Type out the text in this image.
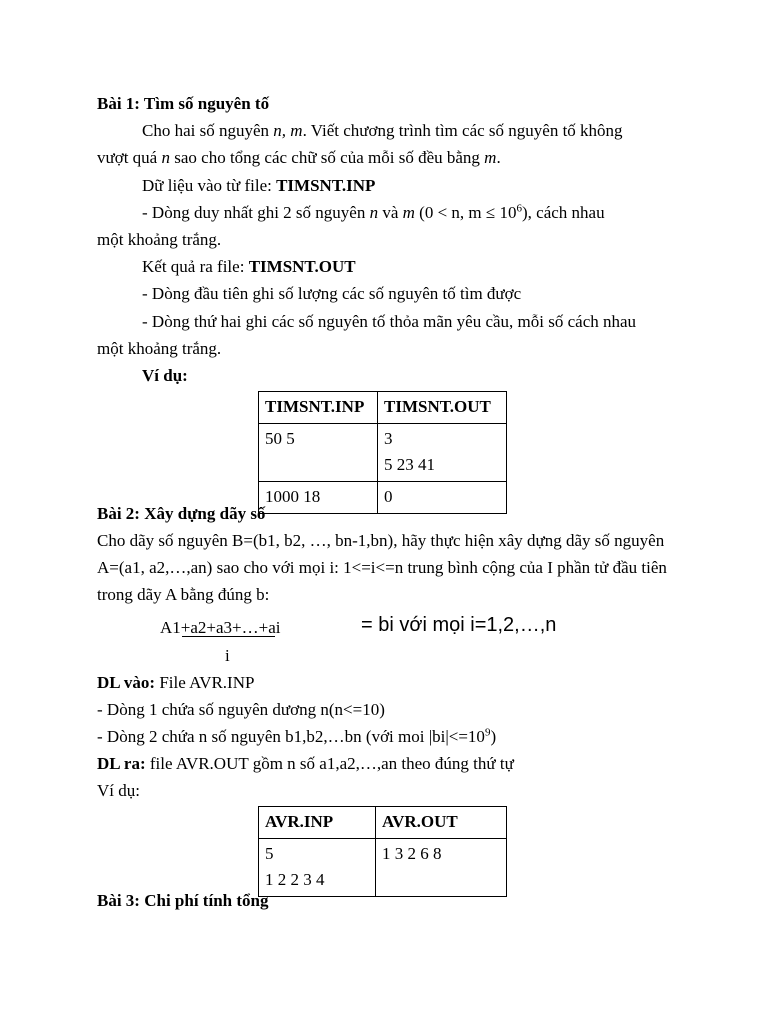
Bài 1: Tìm số nguyên tố
Cho hai số nguyên n, m. Viết chương trình tìm các số nguyên tố không
vượt quá n sao cho tổng các chữ số của mỗi số đều bằng m.
Dữ liệu vào từ file: TIMSNT.INP
- Dòng duy nhất ghi 2 số nguyên n và m (0 < n, $m \le 10^6$), cách nhau
một khoảng trắng.
Kết quả ra file: TIMSNT.OUT
- Dòng đầu tiên ghi số lượng các số nguyên tố tìm được
- Dòng thứ hai ghi các số nguyên tố thỏa mãn yêu cầu, mỗi số cách nhau
một khoảng trắng.
Ví dụ:
TIMSNT.INP	TIMSNT.OUT

50 5	3
5 23 41

1000 18	0
Bài 2: Xây dựng dãy số
Cho dãy số nguyên B=(b1, b2, …, bn-1,bn), hãy thực hiện xây dựng dãy số nguyên
A=(a1, a2,…,an) sao cho với mọi i: 1<=i<=n trung bình cộng của I phần tử đầu tiên
trong dãy A bằng đúng b:
A1+a2+a3+…+ai
i
= bi với mọi i=1,2,…,n
DL vào: File AVR.INP
- Dòng 1 chứa số nguyên dương n(n<=10)
- Dòng 2 chứa n số nguyên b1,b2,…bn (với moi $|bi|<=10^9$)
DL ra: file AVR.OUT gồm n số a1,a2,…,an theo đúng thứ tự
Ví dụ:
AVR.INP	AVR.OUT

5
1 2 2 3 4	1 3 2 6 8
Bài 3: Chi phí tính tổng
